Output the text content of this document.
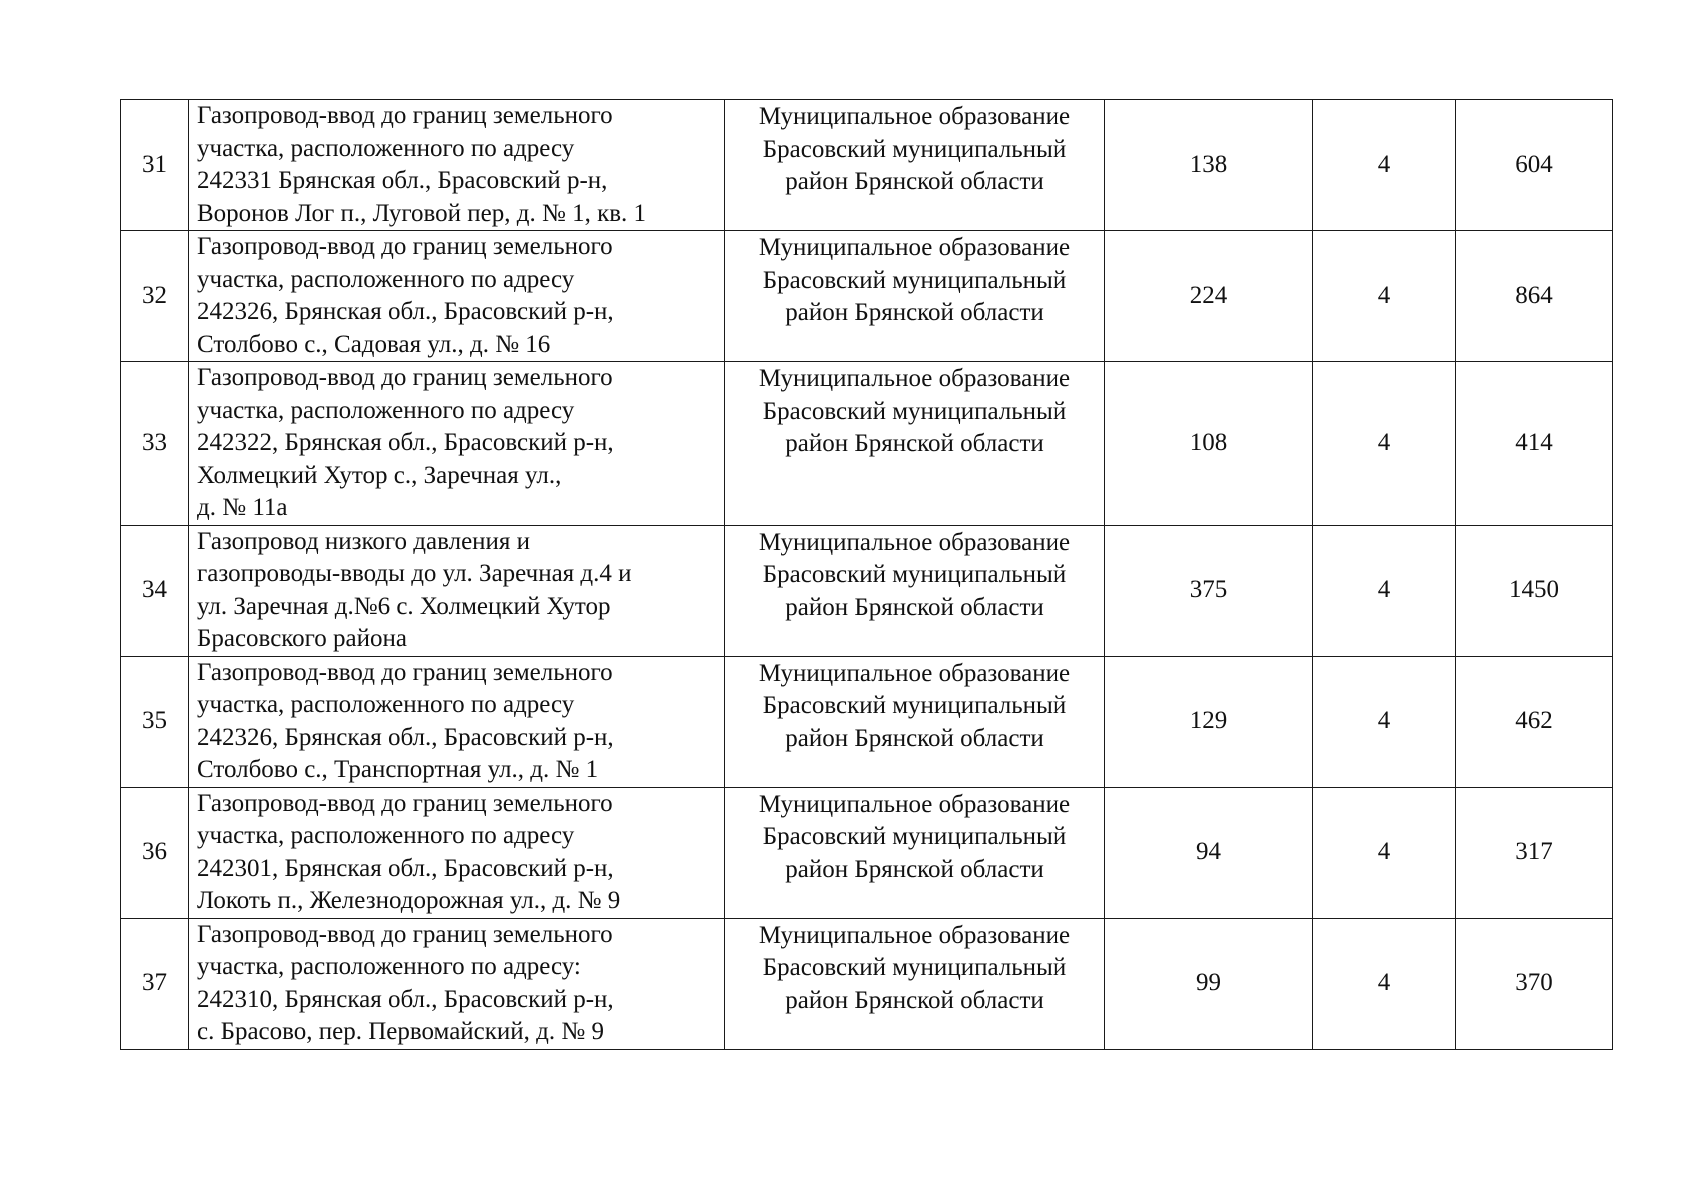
31	Газопровод-ввод до границ земельного
участка, расположенного по адресу
242331 Брянская обл., Брасовский р-н,
Воронов Лог п., Луговой пер, д. № 1, кв. 1	Муниципальное образование
Брасовский муниципальный
район Брянской области	138	4	604
32	Газопровод-ввод до границ земельного
участка, расположенного по адресу
242326, Брянская обл., Брасовский р-н,
Столбово с., Садовая ул., д. № 16	Муниципальное образование
Брасовский муниципальный
район Брянской области	224	4	864
33	Газопровод-ввод до границ земельного
участка, расположенного по адресу
242322, Брянская обл., Брасовский р-н,
Холмецкий Хутор с., Заречная ул.,
д. № 11а	Муниципальное образование
Брасовский муниципальный
район Брянской области	108	4	414
34	Газопровод низкого давления и
газопроводы-вводы до ул. Заречная д.4 и
ул. Заречная д.№6 с. Холмецкий Хутор
Брасовского района	Муниципальное образование
Брасовский муниципальный
район Брянской области	375	4	1450
35	Газопровод-ввод до границ земельного
участка, расположенного по адресу
242326, Брянская обл., Брасовский р-н,
Столбово с., Транспортная ул., д. № 1	Муниципальное образование
Брасовский муниципальный
район Брянской области	129	4	462
36	Газопровод-ввод до границ земельного
участка, расположенного по адресу
242301, Брянская обл., Брасовский р-н,
Локоть п., Железнодорожная ул., д. № 9	Муниципальное образование
Брасовский муниципальный
район Брянской области	94	4	317
37	Газопровод-ввод до границ земельного
участка, расположенного по адресу:
242310, Брянская обл., Брасовский р-н,
с. Брасово, пер. Первомайский, д. № 9	Муниципальное образование
Брасовский муниципальный
район Брянской области	99	4	370
